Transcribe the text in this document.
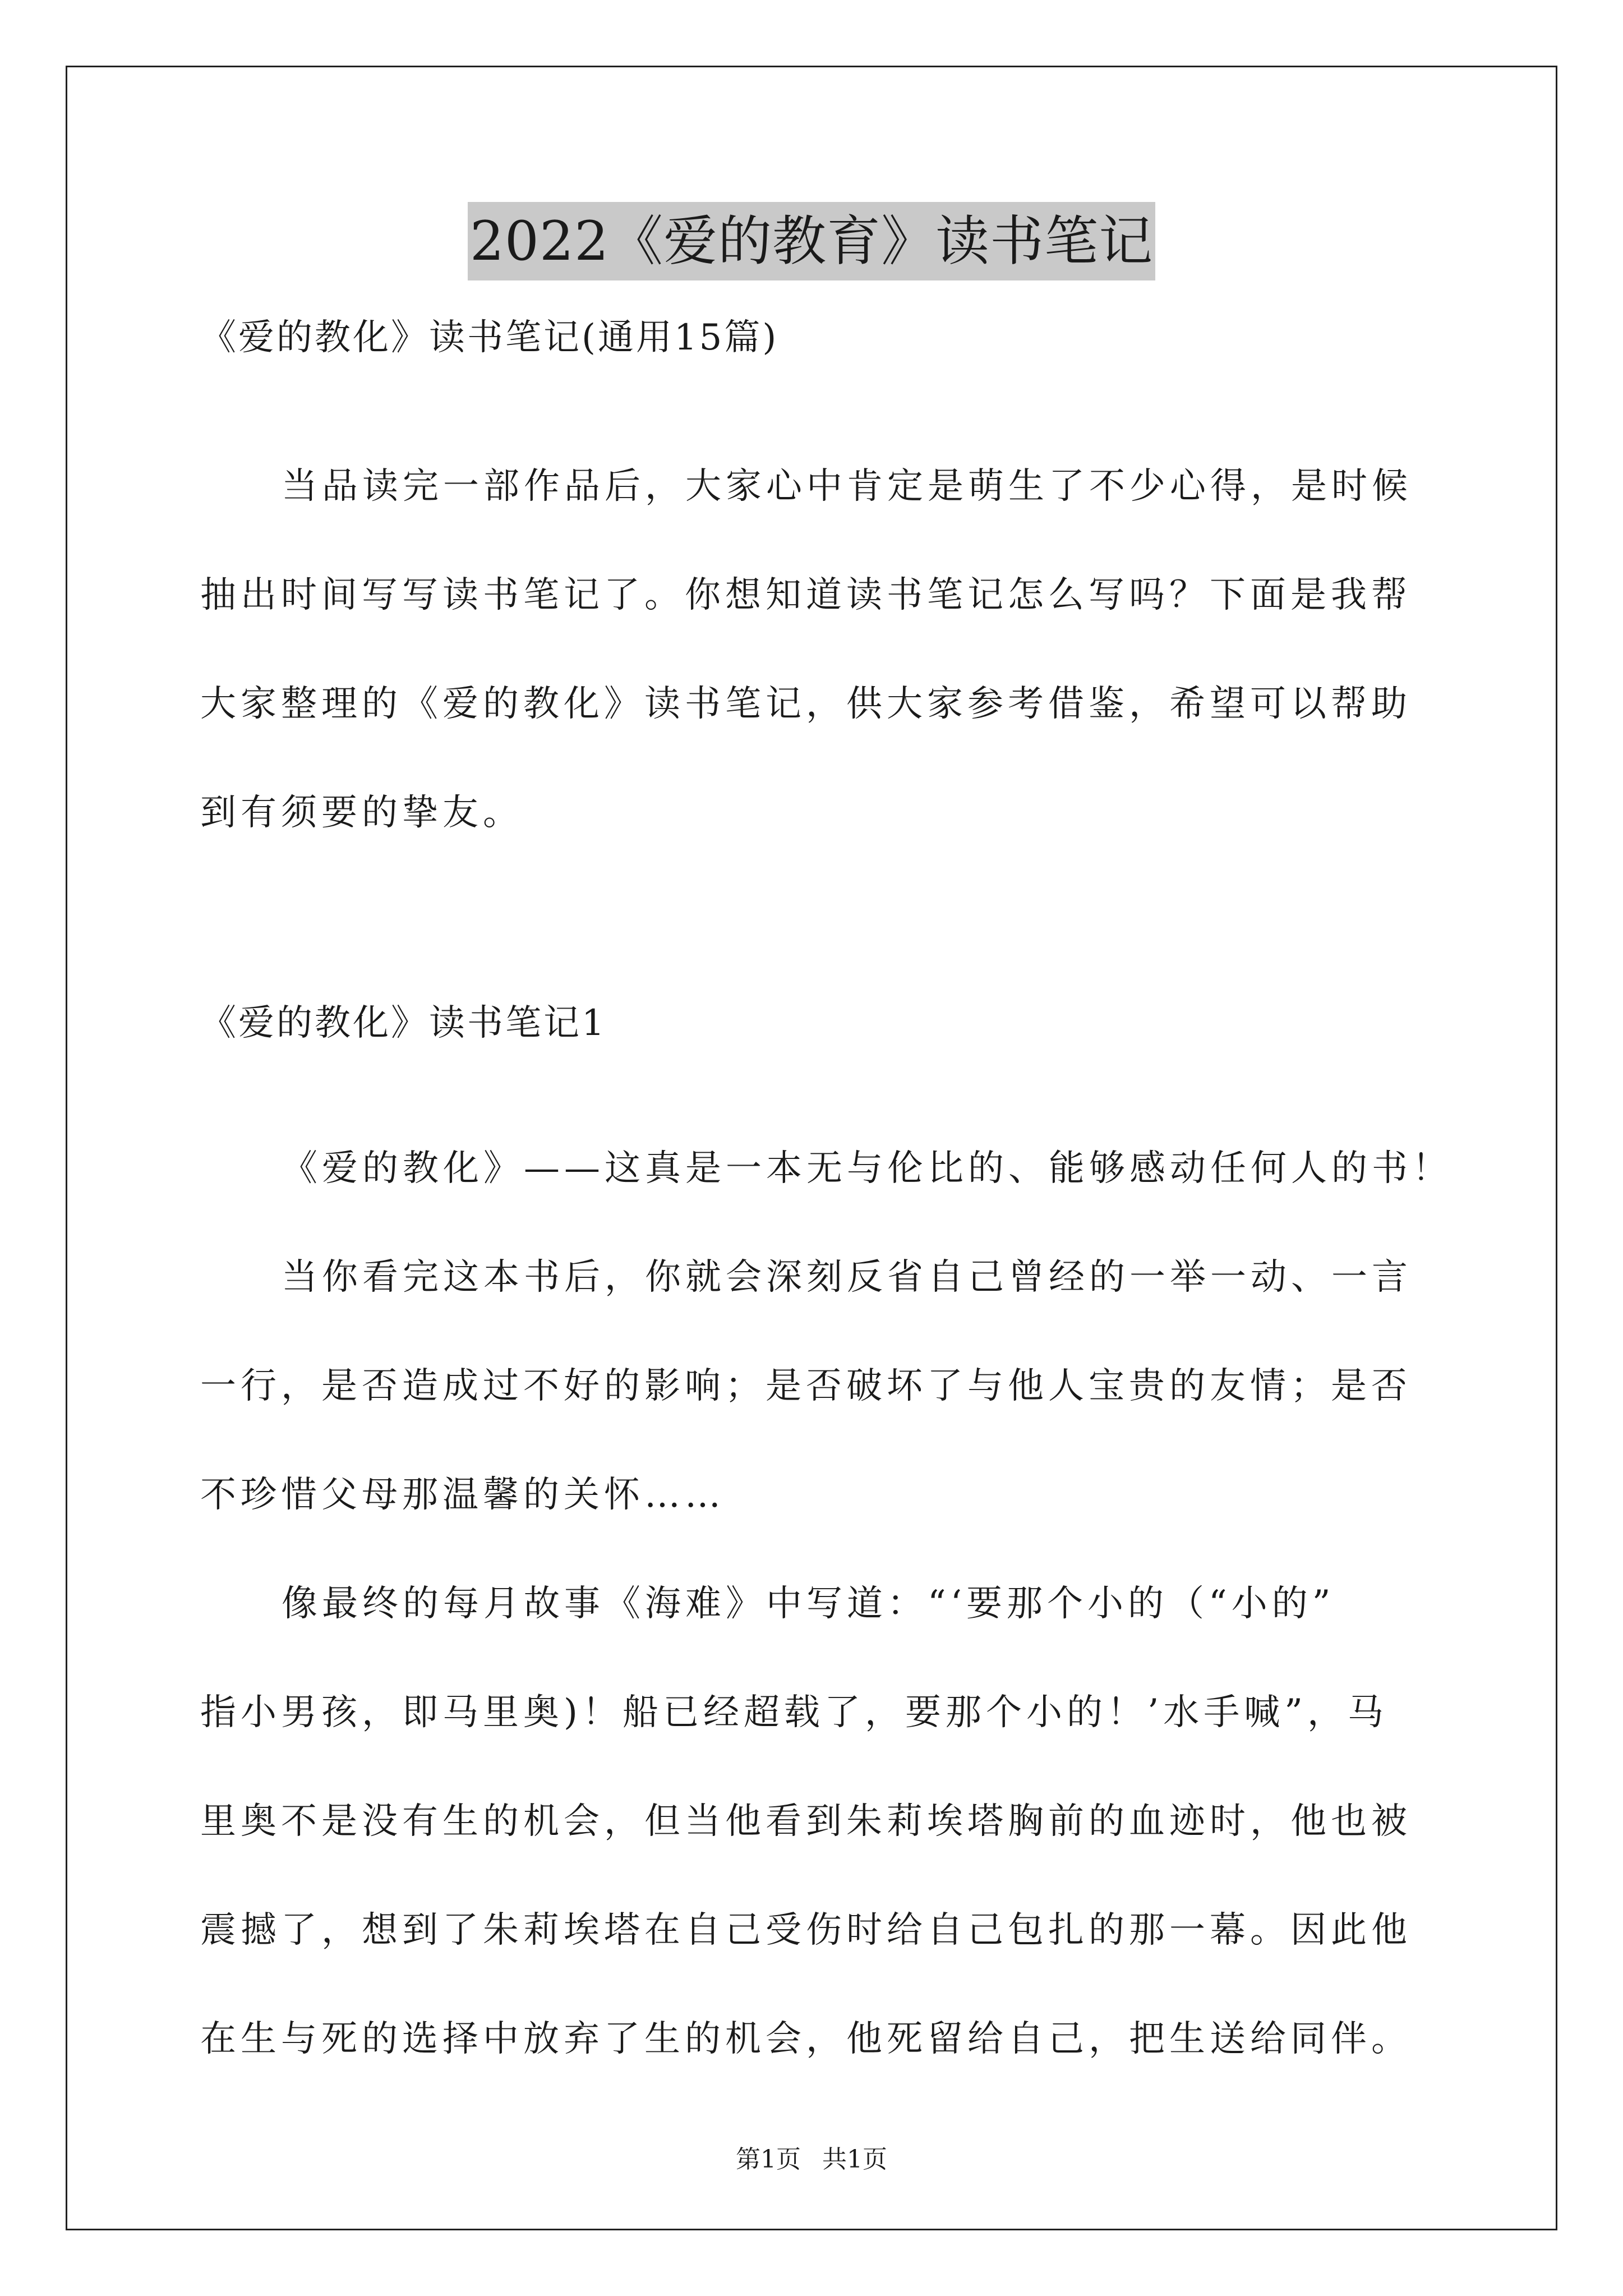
2022《爱的教育》读书笔记
《爱的教化》读书笔记(通用15篇)
当品读完一部作品后，大家心中肯定是萌生了不少心得，是时候
抽出时间写写读书笔记了。你想知道读书笔记怎么写吗？下面是我帮
大家整理的《爱的教化》读书笔记，供大家参考借鉴，希望可以帮助
到有须要的挚友。
《爱的教化》读书笔记1
《爱的教化》——这真是一本无与伦比的、能够感动任何人的书！
当你看完这本书后，你就会深刻反省自己曾经的一举一动、一言
一行，是否造成过不好的影响；是否破坏了与他人宝贵的友情；是否
不珍惜父母那温馨的关怀……
像最终的每月故事《海难》中写道：“‘要那个小的（“小的”
指小男孩，即马里奥)！船已经超载了，要那个小的！’水手喊”，马
里奥不是没有生的机会，但当他看到朱莉埃塔胸前的血迹时，他也被
震撼了，想到了朱莉埃塔在自己受伤时给自己包扎的那一幕。因此他
在生与死的选择中放弃了生的机会，他死留给自己，把生送给同伴。
第1页 共1页
